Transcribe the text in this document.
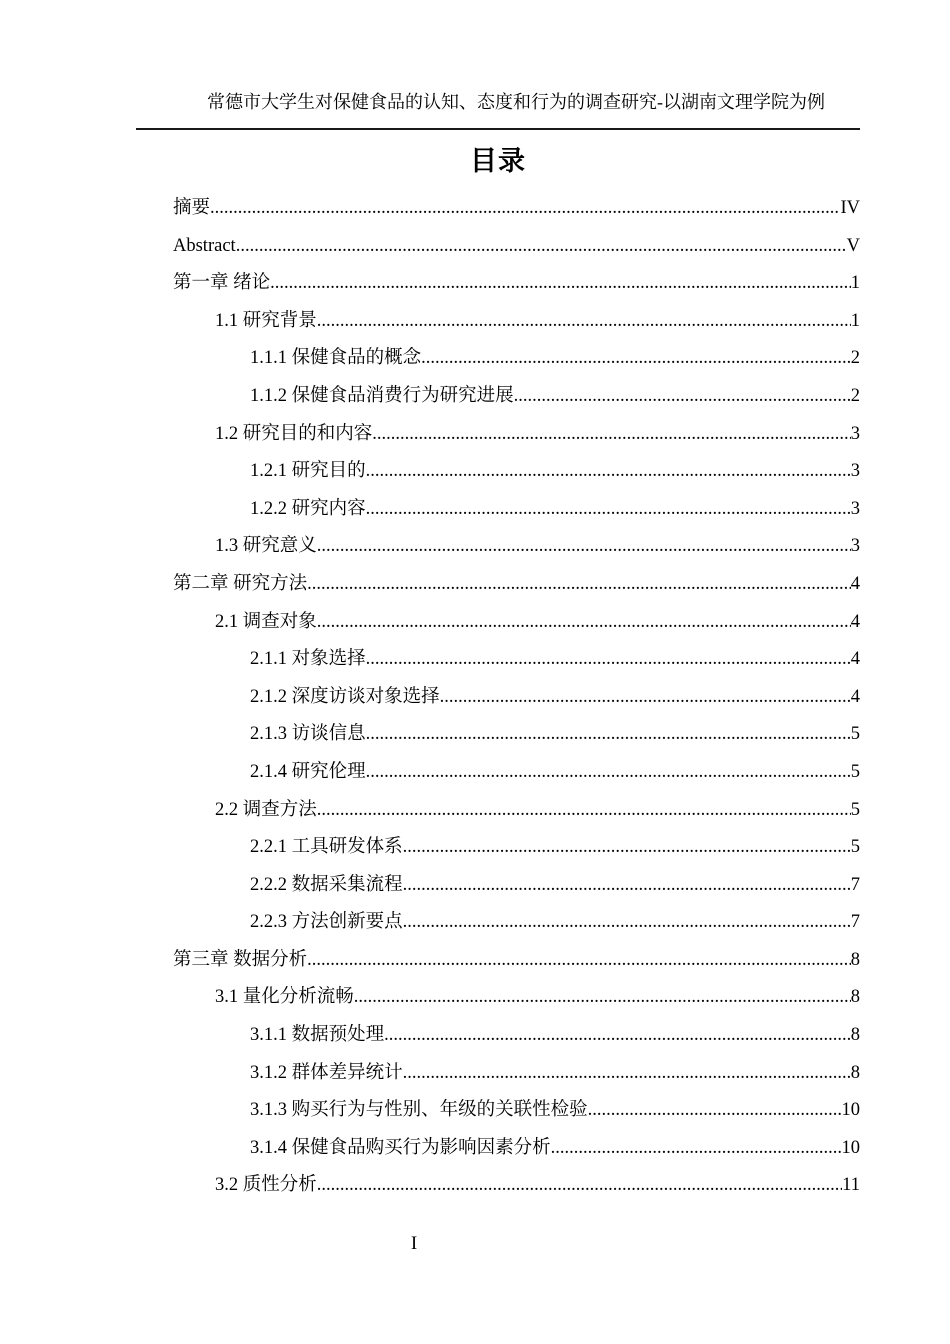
常德市大学生对保健食品的认知、态度和行为的调查研究-以湖南文理学院为例
目录
摘要 .....	IV
Abstract .....	V
第一章 绪论 .....	1
1.1 研究背景 .....	1
1.1.1 保健食品的概念 .....	2
1.1.2 保健食品消费行为研究进展 .....	2
1.2 研究目的和内容 .....	3
1.2.1 研究目的 .....	3
1.2.2 研究内容 .....	3
1.3 研究意义 .....	3
第二章 研究方法 .....	4
2.1 调查对象 .....	4
2.1.1 对象选择 .....	4
2.1.2 深度访谈对象选择 .....	4
2.1.3 访谈信息 .....	5
2.1.4 研究伦理 .....	5
2.2 调查方法 .....	5
2.2.1 工具研发体系 .....	5
2.2.2 数据采集流程 .....	7
2.2.3 方法创新要点 .....	7
第三章 数据分析 .....	8
3.1 量化分析流畅 .....	8
3.1.1 数据预处理 .....	8
3.1.2 群体差异统计 .....	8
3.1.3 购买行为与性别、年级的关联性检验 .....	10
3.1.4 保健食品购买行为影响因素分析 .....	10
3.2 质性分析 .....	11
I
